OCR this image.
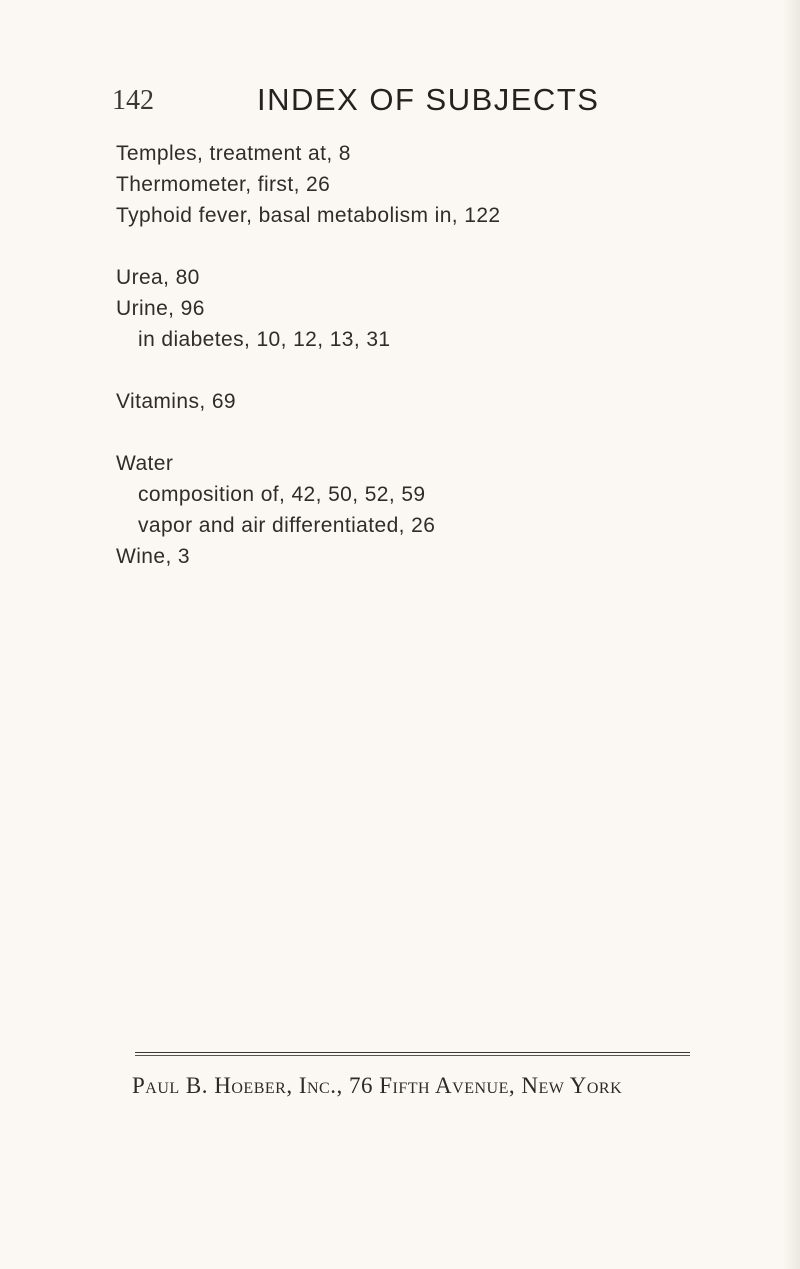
142	INDEX OF SUBJECTS
Temples, treatment at, 8
Thermometer, first, 26
Typhoid fever, basal metabolism in, 122
Urea, 80
Urine, 96
in diabetes, 10, 12, 13, 31
Vitamins, 69
Water
composition of, 42, 50, 52, 59
vapor and air differentiated, 26
Wine, 3
Paul B. Hoeber, Inc., 76 Fifth Avenue, New York
